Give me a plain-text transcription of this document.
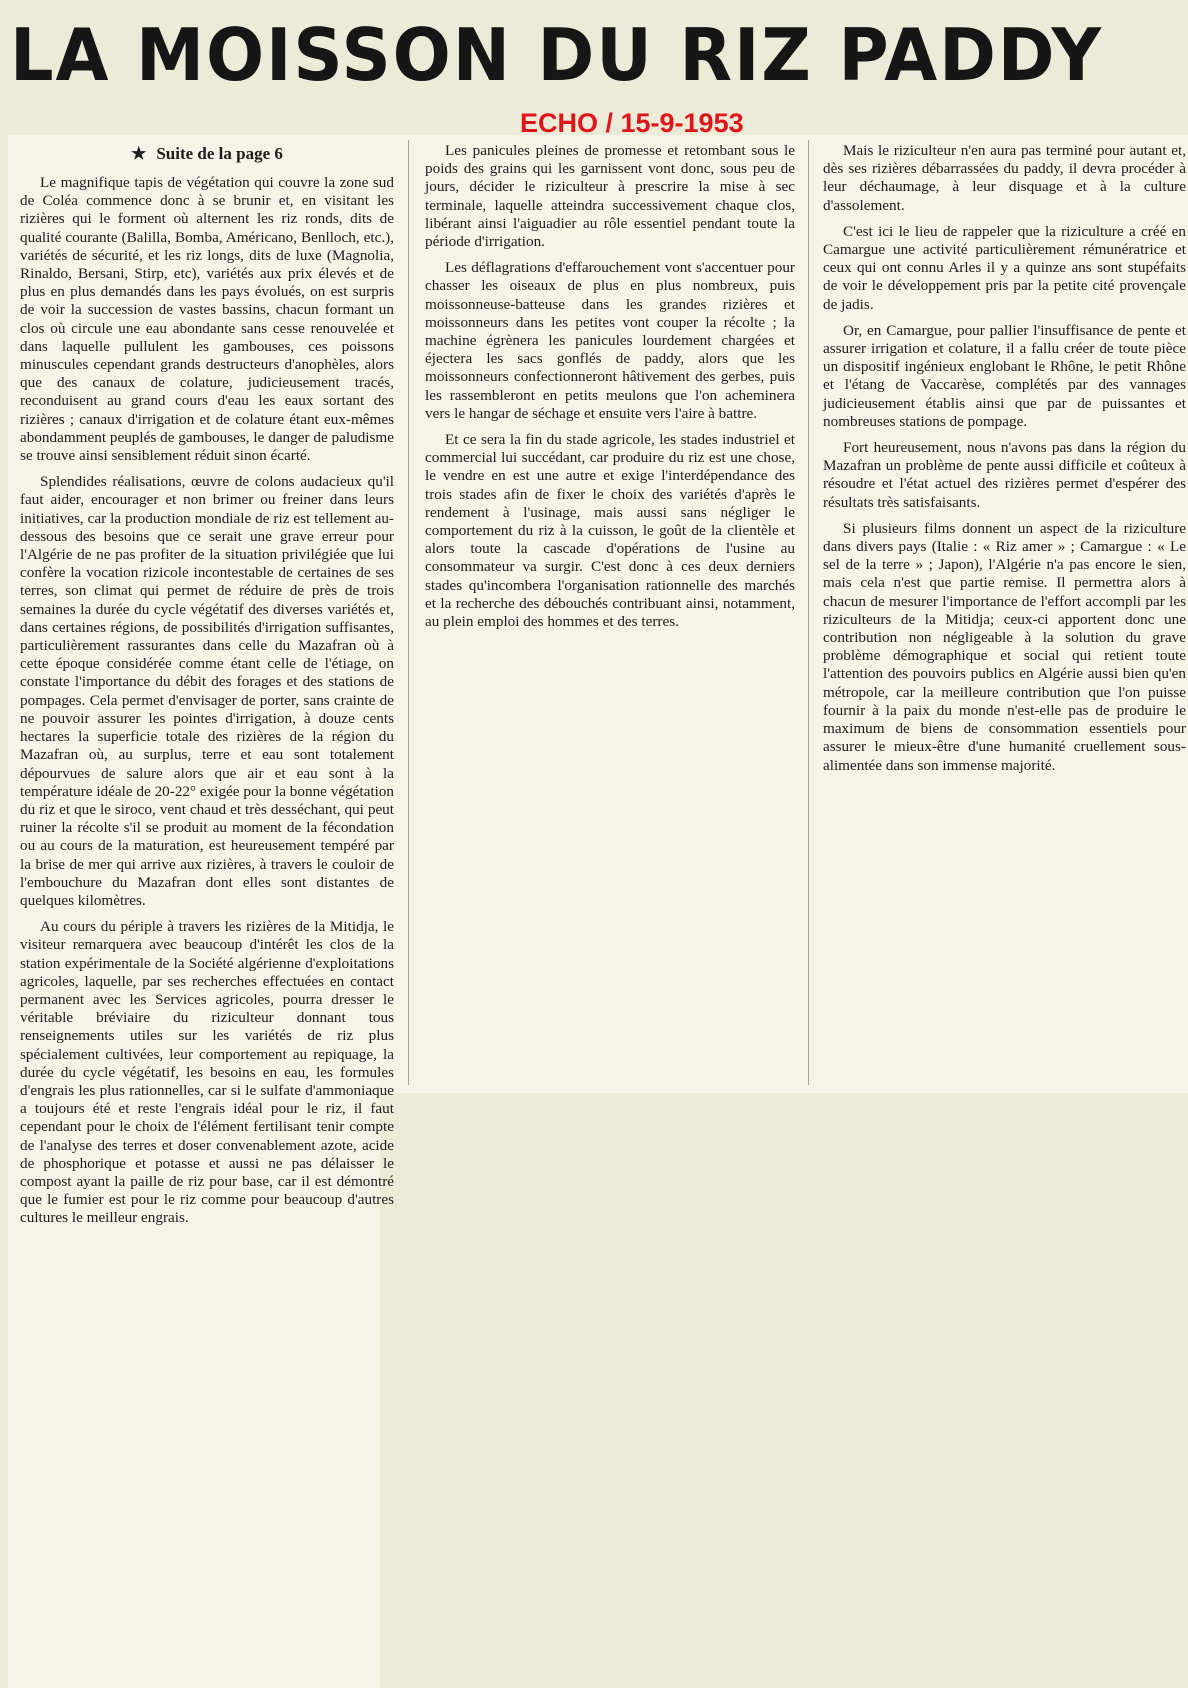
LA MOISSON DU RIZ PADDY
ECHO / 15-9-1953
★ Suite de la page 6

Le magnifique tapis de végétation qui couvre la zone sud de Coléa commence donc à se brunir et, en visitant les rizières qui le forment où alternent les riz ronds, dits de qualité courante (Balilla, Bomba, Américano, Benlloch, etc.), variétés de sécurité, et les riz longs, dits de luxe (Magnolia, Rinaldo, Bersani, Stirp, etc), variétés aux prix élevés et de plus en plus demandés dans les pays évolués, on est surpris de voir la succession de vastes bassins, chacun formant un clos où circule une eau abondante sans cesse renouvelée et dans laquelle pullulent les gambouses, ces poissons minuscules cependant grands destructeurs d'anophèles, alors que des canaux de colature, judicieusement tracés, reconduisent au grand cours d'eau les eaux sortant des rizières ; canaux d'irrigation et de colature étant eux-mêmes abondamment peuplés de gambouses, le danger de paludisme se trouve ainsi sensiblement réduit sinon écarté.

Splendides réalisations, œuvre de colons audacieux qu'il faut aider, encourager et non brimer ou freiner dans leurs initiatives, car la production mondiale de riz est tellement au-dessous des besoins que ce serait une grave erreur pour l'Algérie de ne pas profiter de la situation privilégiée que lui confère la vocation rizicole incontestable de certaines de ses terres, son climat qui permet de réduire de près de trois semaines la durée du cycle végétatif des diverses variétés et, dans certaines régions, de possibilités d'irrigation suffisantes, particulièrement rassurantes dans celle du Mazafran où à cette époque considérée comme étant celle de l'étiage, on constate l'importance du débit des forages et des stations de pompages. Cela permet d'envisager de porter, sans crainte de ne pouvoir assurer les pointes d'irrigation, à douze cents hectares la superficie totale des rizières de la région du Mazafran où, au surplus, terre et eau sont totalement dépourvues de salure alors que air et eau sont à la température idéale de 20-22° exigée pour la bonne végétation du riz et que le siroco, vent chaud et très desséchant, qui peut ruiner la récolte s'il se produit au moment de la fécondation ou au cours de la maturation, est heureusement tempéré par la brise de mer qui arrive aux rizières, à travers le couloir de l'embouchure du Mazafran dont elles sont distantes de quelques kilomètres.

Au cours du périple à travers les rizières de la Mitidja, le visiteur remarquera avec beaucoup d'intérêt les clos de la station expérimentale de la Société algérienne d'exploitations agricoles, laquelle, par ses recherches effectuées en contact permanent avec les Services agricoles, pourra dresser le véritable bréviaire du riziculteur donnant tous renseignements utiles sur les variétés de riz plus spécialement cultivées, leur comportement au repiquage, la durée du cycle végétatif, les besoins en eau, les formules d'engrais les plus rationnelles, car si le sulfate d'ammoniaque a toujours été et reste l'engrais idéal pour le riz, il faut cependant pour le choix de l'élément fertilisant tenir compte de l'analyse des terres et doser convenablement azote, acide de phosphorique et potasse et aussi ne pas délaisser le compost ayant la paille de riz pour base, car il est démontré que le fumier est pour le riz comme pour beaucoup d'autres cultures le meilleur engrais.

Les panicules pleines de promesse et retombant sous le poids des grains qui les garnissent vont donc, sous peu de jours, décider le riziculteur à prescrire la mise à sec terminale, laquelle atteindra successivement chaque clos, libérant ainsi l'aiguadier au rôle essentiel pendant toute la période d'irrigation.

Les déflagrations d'effarouchement vont s'accentuer pour chasser les oiseaux de plus en plus nombreux, puis moissonneuse-batteuse dans les grandes rizières et moissonneurs dans les petites vont couper la récolte ; la machine égrènera les panicules lourdement chargées et éjectera les sacs gonflés de paddy, alors que les moissonneurs confectionneront hâtivement des gerbes, puis les rassembleront en petits meulons que l'on acheminera vers le hangar de séchage et ensuite vers l'aire à battre.

Et ce sera la fin du stade agricole, les stades industriel et commercial lui succédant, car produire du riz est une chose, le vendre en est une autre et exige l'interdépendance des trois stades afin de fixer le choix des variétés d'après le rendement à l'usinage, mais aussi sans négliger le comportement du riz à la cuisson, le goût de la clientèle et alors toute la cascade d'opérations de l'usine au consommateur va surgir. C'est donc à ces deux derniers stades qu'incombera l'organisation rationnelle des marchés et la recherche des débouchés contribuant ainsi, notamment, au plein emploi des hommes et des terres.

Mais le riziculteur n'en aura pas terminé pour autant et, dès ses rizières débarrassées du paddy, il devra procéder à leur déchaumage, à leur disquage et à la culture d'assolement.

C'est ici le lieu de rappeler que la riziculture a créé en Camargue une activité particulièrement rémunératrice et ceux qui ont connu Arles il y a quinze ans sont stupéfaits de voir le développement pris par la petite cité provençale de jadis.

Or, en Camargue, pour pallier l'insuffisance de pente et assurer irrigation et colature, il a fallu créer de toute pièce un dispositif ingénieux englobant le Rhône, le petit Rhône et l'étang de Vaccarèse, complétés par des vannages judicieusement établis ainsi que par de puissantes et nombreuses stations de pompage.

Fort heureusement, nous n'avons pas dans la région du Mazafran un problème de pente aussi difficile et coûteux à résoudre et l'état actuel des rizières permet d'espérer des résultats très satisfaisants.

Si plusieurs films donnent un aspect de la riziculture dans divers pays (Italie : « Riz amer » ; Camargue : « Le sel de la terre » ; Japon), l'Algérie n'a pas encore le sien, mais cela n'est que partie remise. Il permettra alors à chacun de mesurer l'importance de l'effort accompli par les riziculteurs de la Mitidja; ceux-ci apportent donc une contribution non négligeable à la solution du grave problème démographique et social qui retient toute l'attention des pouvoirs publics en Algérie aussi bien qu'en métropole, car la meilleure contribution que l'on puisse fournir à la paix du monde n'est-elle pas de produire le maximum de biens de consommation essentiels pour assurer le mieux-être d'une humanité cruellement sous-alimentée dans son immense majorité.
